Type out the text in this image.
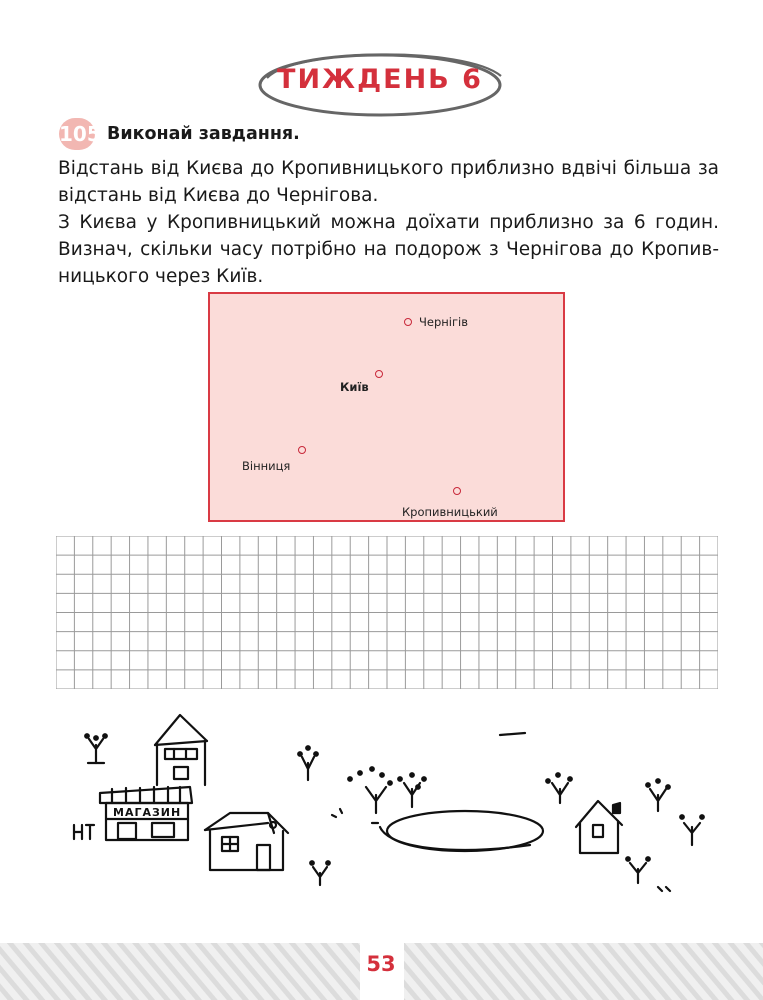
ТИЖДЕНЬ 6
105 Виконай завдання.

Відстань від Києва до Кропивницького приблизно вдвічі більша за відстань від Києва до Чернігова.

З Києва у Кропивницький можна доїхати приблизно за 6 годин. Визнач, скільки часу потрібно на подорож з Чернігова до Кропивницького через Київ.

Чернігів
Київ
Вінниця
Кропивницький
МАГАЗИН
53
